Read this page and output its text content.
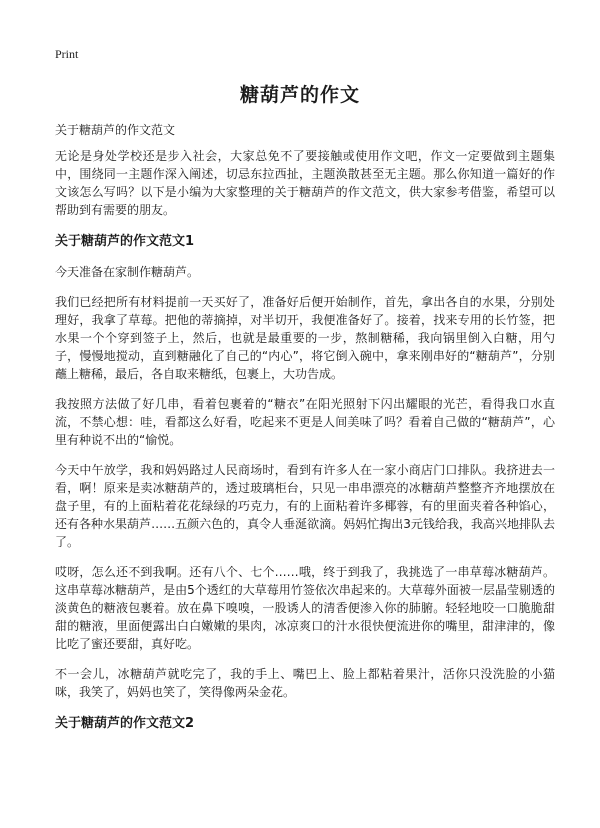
Print
糖葫芦的作文
关于糖葫芦的作文范文

无论是身处学校还是步入社会，大家总免不了要接触或使用作文吧，作文一定要做到主题集中，围绕同一主题作深入阐述，切忌东拉西扯，主题涣散甚至无主题。那么你知道一篇好的作文该怎么写吗？以下是小编为大家整理的关于糖葫芦的作文范文，供大家参考借鉴，希望可以帮助到有需要的朋友。

关于糖葫芦的作文范文1

今天准备在家制作糖葫芦。

我们已经把所有材料提前一天买好了，准备好后便开始制作，首先，拿出各自的水果，分别处理好，我拿了草莓。把他的蒂摘掉，对半切开，我便准备好了。接着，找来专用的长竹签，把水果一个个穿到签子上，然后，也就是最重要的一步，熬制糖稀，我向锅里倒入白糖，用勺子，慢慢地搅动，直到糖融化了自己的“内心”，将它倒入碗中，拿来刚串好的“糖葫芦”，分别蘸上糖稀，最后，各自取来糖纸，包裹上，大功告成。

我按照方法做了好几串，看着包裹着的“糖衣”在阳光照射下闪出耀眼的光芒，看得我口水直流，不禁心想：哇，看都这么好看，吃起来不更是人间美味了吗？看着自己做的“糖葫芦”，心里有种说不出的“愉悦。

今天中午放学，我和妈妈路过人民商场时，看到有许多人在一家小商店门口排队。我挤进去一看，啊！原来是卖冰糖葫芦的，透过玻璃柜台，只见一串串漂亮的冰糖葫芦整整齐齐地摆放在盘子里，有的上面粘着花花绿绿的巧克力，有的上面粘着许多椰蓉，有的里面夹着各种馅心，还有各种水果葫芦……五颜六色的，真令人垂涎欲滴。妈妈忙掏出3元钱给我，我高兴地排队去了。

哎呀，怎么还不到我啊。还有八个、七个……哦，终于到我了，我挑选了一串草莓冰糖葫芦。这串草莓冰糖葫芦，是由5个透红的大草莓用竹签依次串起来的。大草莓外面被一层晶莹剔透的淡黄色的糖液包裹着。放在鼻下嗅嗅，一股诱人的清香便渗入你的肺腑。轻轻地咬一口脆脆甜甜的糖液，里面便露出白白嫩嫩的果肉，冰凉爽口的汁水很快便流进你的嘴里，甜津津的，像比吃了蜜还要甜，真好吃。

不一会儿，冰糖葫芦就吃完了，我的手上、嘴巴上、脸上都粘着果汁，活你只没洗脸的小猫咪，我笑了，妈妈也笑了，笑得像两朵金花。

关于糖葫芦的作文范文2
